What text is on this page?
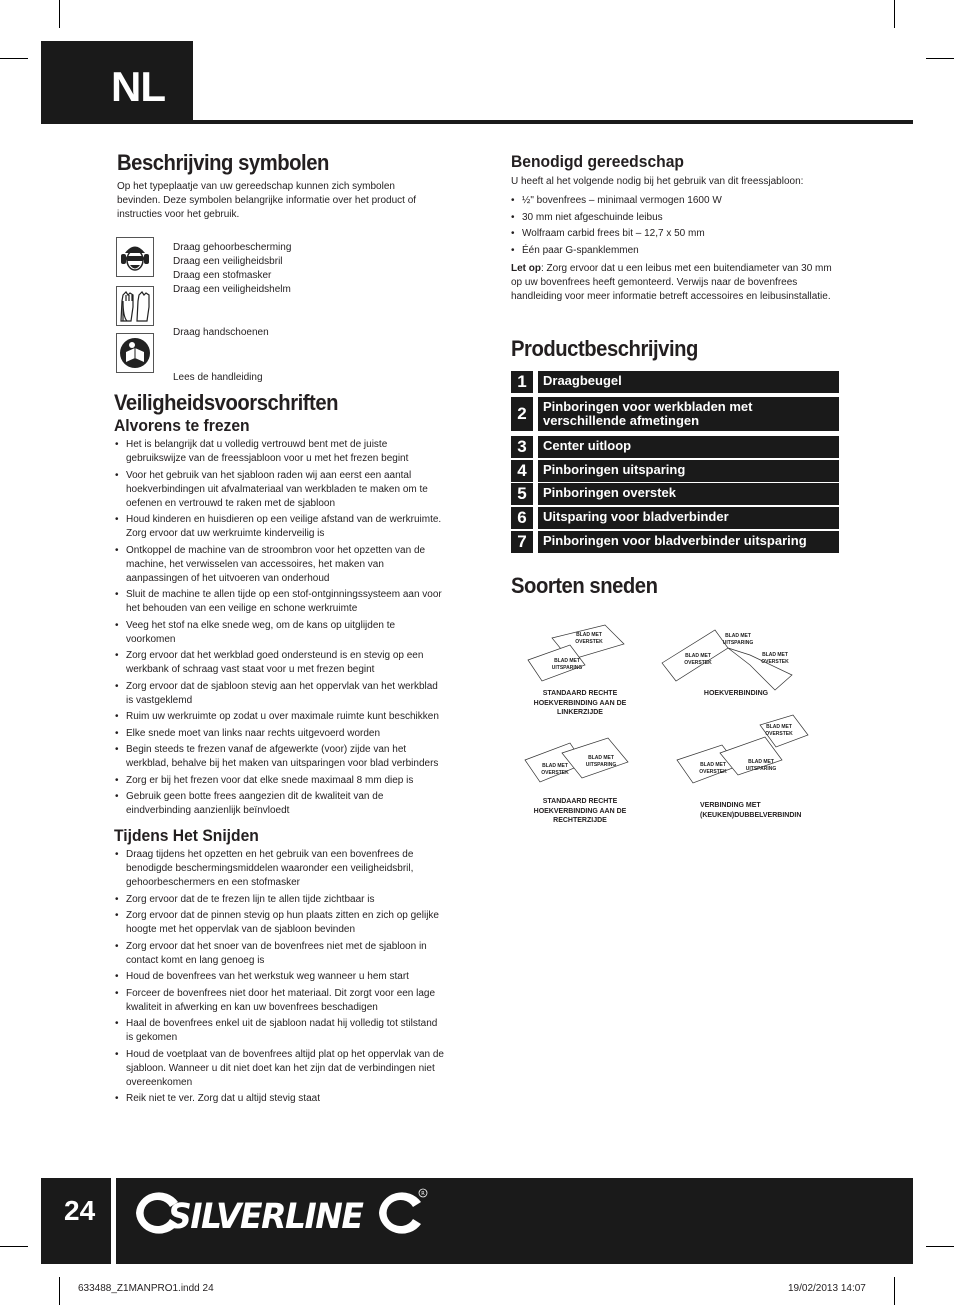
NL
Beschrijving symbolen

Op het typeplaatje van uw gereedschap kunnen zich symbolen bevinden. Deze symbolen belangrijke informatie over het product of instructies voor het gebruik.

Draag gehoorbescherming
Draag een veiligheidsbril
Draag een stofmasker
Draag een veiligheidshelm
Draag handschoenen
Lees de handleiding
Veiligheidsvoorschriften
Alvorens te frezen
• Het is belangrijk dat u volledig vertrouwd bent met de juiste gebruikswijze van de freessjabloon voor u met het frezen begint
• Voor het gebruik van het sjabloon raden wij aan eerst een aantal hoekverbindingen uit afvalmateriaal van werkbladen te maken om te oefenen en vertrouwd te raken met de sjabloon
• Houd kinderen en huisdieren op een veilige afstand van de werkruimte. Zorg ervoor dat uw werkruimte kinderveilig is
• Ontkoppel de machine van de stroombron voor het opzetten van de machine, het verwisselen van accessoires, het maken van aanpassingen of het uitvoeren van onderhoud
• Sluit de machine te allen tijde op een stof-ontginningssysteem aan voor het behouden van een veilige en schone werkruimte
• Veeg het stof na elke snede weg, om de kans op uitglijden te voorkomen
• Zorg ervoor dat het werkblad goed ondersteund is en stevig op een werkbank of schraag vast staat voor u met frezen begint
• Zorg ervoor dat de sjabloon stevig aan het oppervlak van het werkblad is vastgeklemd
• Ruim uw werkruimte op zodat u over maximale ruimte kunt beschikken
• Elke snede moet van links naar rechts uitgevoerd worden
• Begin steeds te frezen vanaf de afgewerkte (voor) zijde van het werkblad, behalve bij het maken van uitsparingen voor blad verbinders
• Zorg er bij het frezen voor dat elke snede maximaal 8 mm diep is
• Gebruik geen botte frees aangezien dit de kwaliteit van de eindverbinding aanzienlijk beïnvloedt
Tijdens Het Snijden
• Draag tijdens het opzetten en het gebruik van een bovenfrees de benodigde beschermingsmiddelen waaronder een veiligheidsbril, gehoorbeschermers en een stofmasker
• Zorg ervoor dat de te frezen lijn te allen tijde zichtbaar is
• Zorg ervoor dat de pinnen stevig op hun plaats zitten en zich op gelijke hoogte met het oppervlak van de sjabloon bevinden
• Zorg ervoor dat het snoer van de bovenfrees niet met de sjabloon in contact komt en lang genoeg is
• Houd de bovenfrees van het werkstuk weg wanneer u hem start
• Forceer de bovenfrees niet door het materiaal. Dit zorgt voor een lage kwaliteit in afwerking en kan uw bovenfrees beschadigen
• Haal de bovenfrees enkel uit de sjabloon nadat hij volledig tot stilstand is gekomen
• Houd de voetplaat van de bovenfrees altijd plat op het oppervlak van de sjabloon. Wanneer u dit niet doet kan het zijn dat de verbindingen niet overeenkomen
• Reik niet te ver. Zorg dat u altijd stevig staat
Benodigd gereedschap

U heeft al het volgende nodig bij het gebruik van dit freessjabloon:

• ½" bovenfrees – minimaal vermogen 1600 W
• 30 mm niet afgeschuinde leibus
• Wolfraam carbid frees bit – 12,7 x 50 mm
• Één paar G-spanklemmen

Let op: Zorg ervoor dat u een leibus met een buitendiameter van 30 mm op uw bovenfrees heeft gemonteerd. Verwijs naar de bovenfrees handleiding voor meer informatie betreft accessoires en leibusinstallatie.

Productbeschrijving
1	Draagbeugel
2	Pinboringen voor werkbladen met verschillende afmetingen
3	Center uitloop
4	Pinboringen uitsparing
5	Pinboringen overstek
6	Uitsparing voor bladverbinder
7	Pinboringen voor bladverbinder uitsparing
Soorten sneden
BLAD MET
OVERSTEK
BLAD MET
UITSPARING
BLAD MET
UITSPARING
BLAD MET
OVERSTEK
BLAD MET
OVERSTEK
BLAD MET
UITSPARING
BLAD MET
OVERSTEK
BLAD MET
OVERSTEK
BLAD MET
UITSPARING
BLAD MET
OVERSTEK
STANDAARD RECHTE HOEKVERBINDING AAN DE LINKERZIJDE
HOEKVERBINDING
STANDAARD RECHTE HOEKVERBINDING AAN DE RECHTERZIJDE
VERBINDING MET (KEUKEN)DUBBELVERBINDIN
24 SILVERLINE
R
633488_Z1MANPRO1.indd 24	19/02/2013 14:07
